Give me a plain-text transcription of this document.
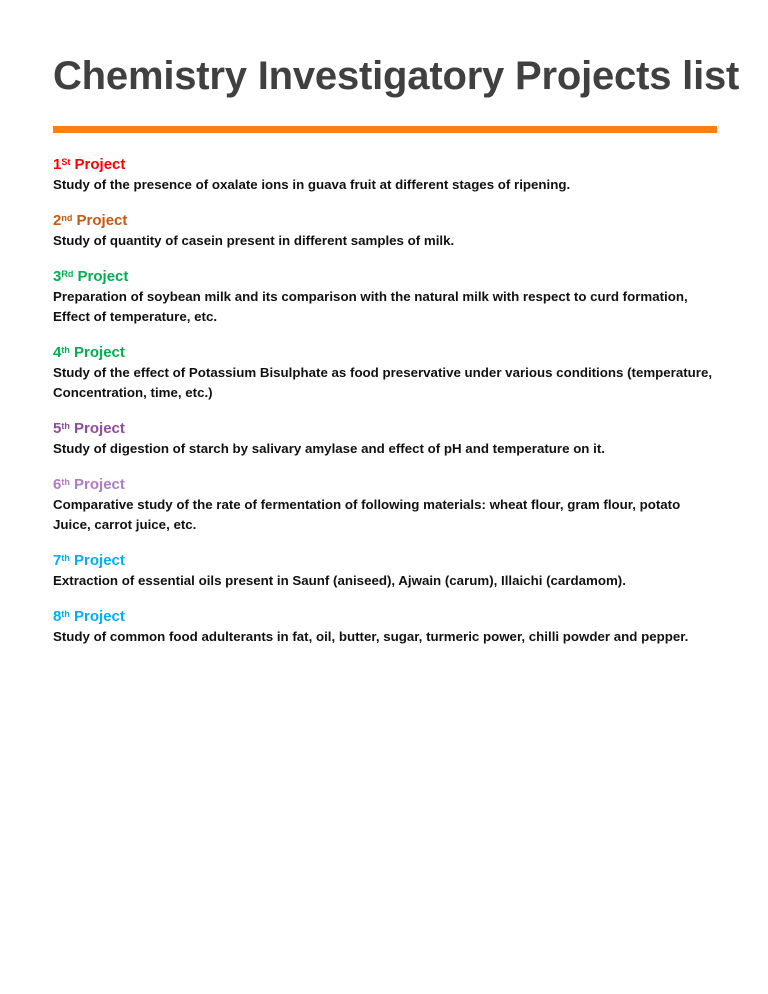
Chemistry Investigatory Projects list
1St Project
Study of the presence of oxalate ions in guava fruit at different stages of ripening.
2nd Project
Study of quantity of casein present in different samples of milk.
3Rd Project
Preparation of soybean milk and its comparison with the natural milk with respect to curd formation, Effect of temperature, etc.
4th Project
Study of the effect of Potassium Bisulphate as food preservative under various conditions (temperature, Concentration, time, etc.)
5th Project
Study of digestion of starch by salivary amylase and effect of pH and temperature on it.
6th Project
Comparative study of the rate of fermentation of following materials: wheat flour, gram flour, potato Juice, carrot juice, etc.
7th Project
Extraction of essential oils present in Saunf (aniseed), Ajwain (carum), Illaichi (cardamom).
8th Project
Study of common food adulterants in fat, oil, butter, sugar, turmeric power, chilli powder and pepper.
